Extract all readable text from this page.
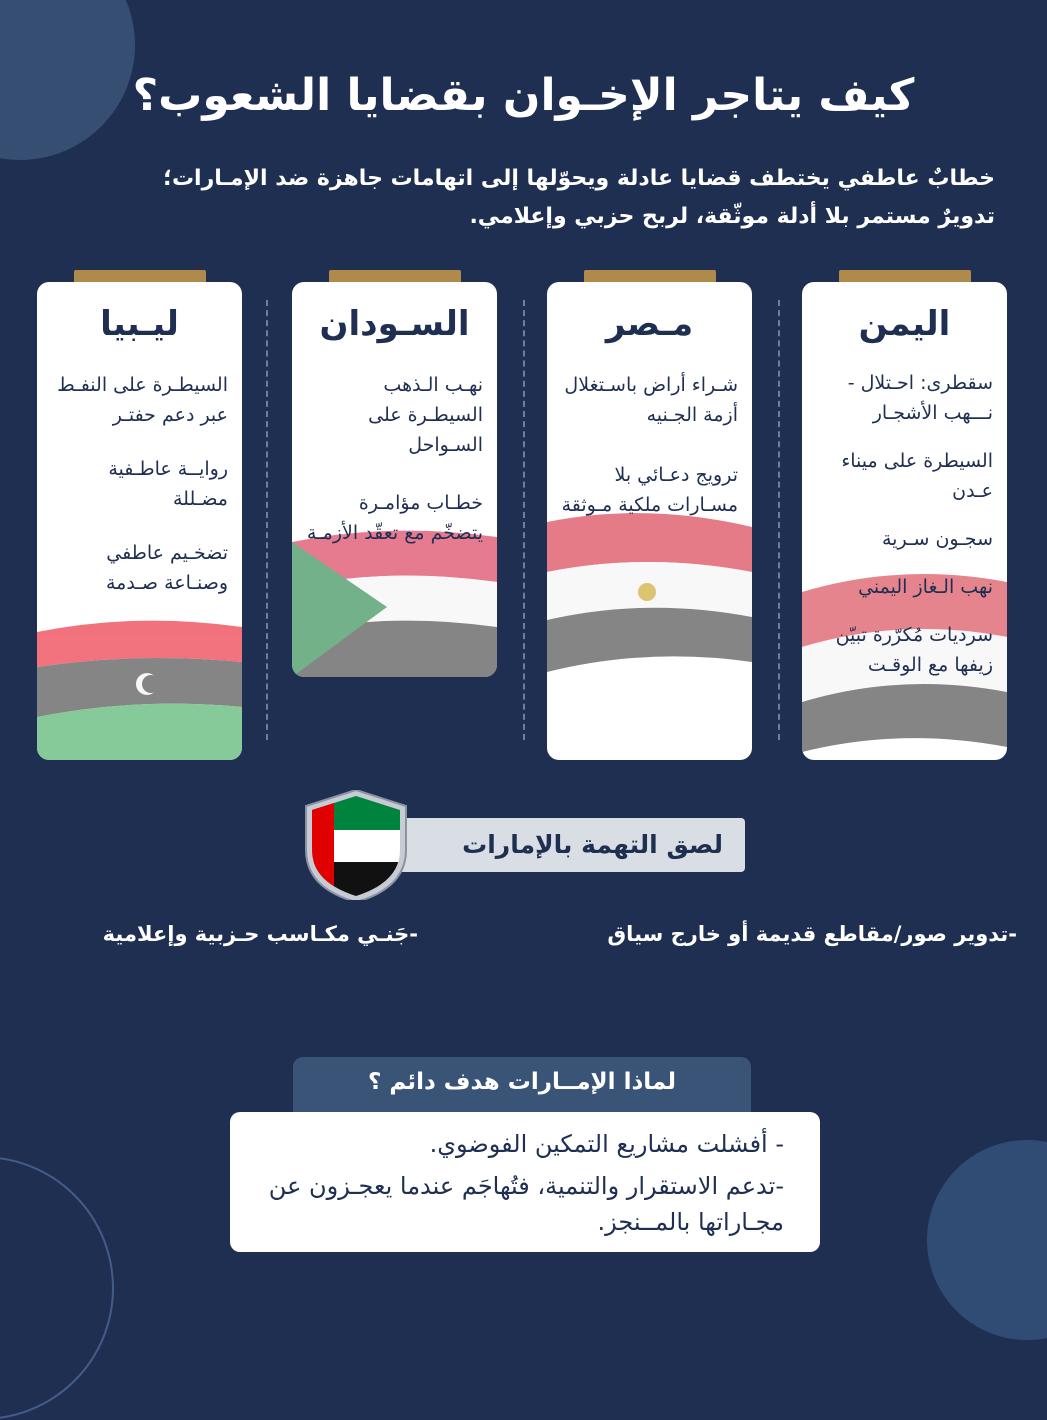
كيف يتاجر الإخـوان بقضايا الشعوب؟
خطابٌ عاطفي يختطف قضايا عادلة ويحوّلها إلى اتهامات جاهزة ضد الإمـارات؛
تدويرٌ مستمر بلا أدلة موثّقة، لربح حزبي وإعلامي.
اليمن
سقطرى: احـتلال - نـــهب الأشجـار
السيطرة على ميناء عـدن
سجـون سـرية
نهب الـغاز اليمني
سرديات مُكرّرة تبيّن زيفها مع الوقـت
مـصر
شـراء أراض باسـتغلال أزمة الجـنيه
ترويج دعـائي بلا مسـارات ملكية مـوثقة
السـودان
نهـب الـذهب السيطـرة على السـواحل
خطـاب مؤامـرة يتضخّم مع تعقّد الأزمـة
ليـبيا
السيطـرة على النفـط عبر دعم حفتـر
روايــة عاطـفية مضـللة
تضخـيم عاطفي وصنـاعة صـدمة
لصق التهمة بالإمارات
-تدوير صور/مقاطع قديمة أو خارج سياق
-جَنـي مكـاسب حـزبية وإعلامية
لماذا الإمــارات هدف دائم ؟
- أفشلت مشاريع التمكين الفوضوي.
-تدعم الاستقرار والتنمية، فتُهاجَم عندما يعجـزون عن مجـاراتها بالمــنجز.
